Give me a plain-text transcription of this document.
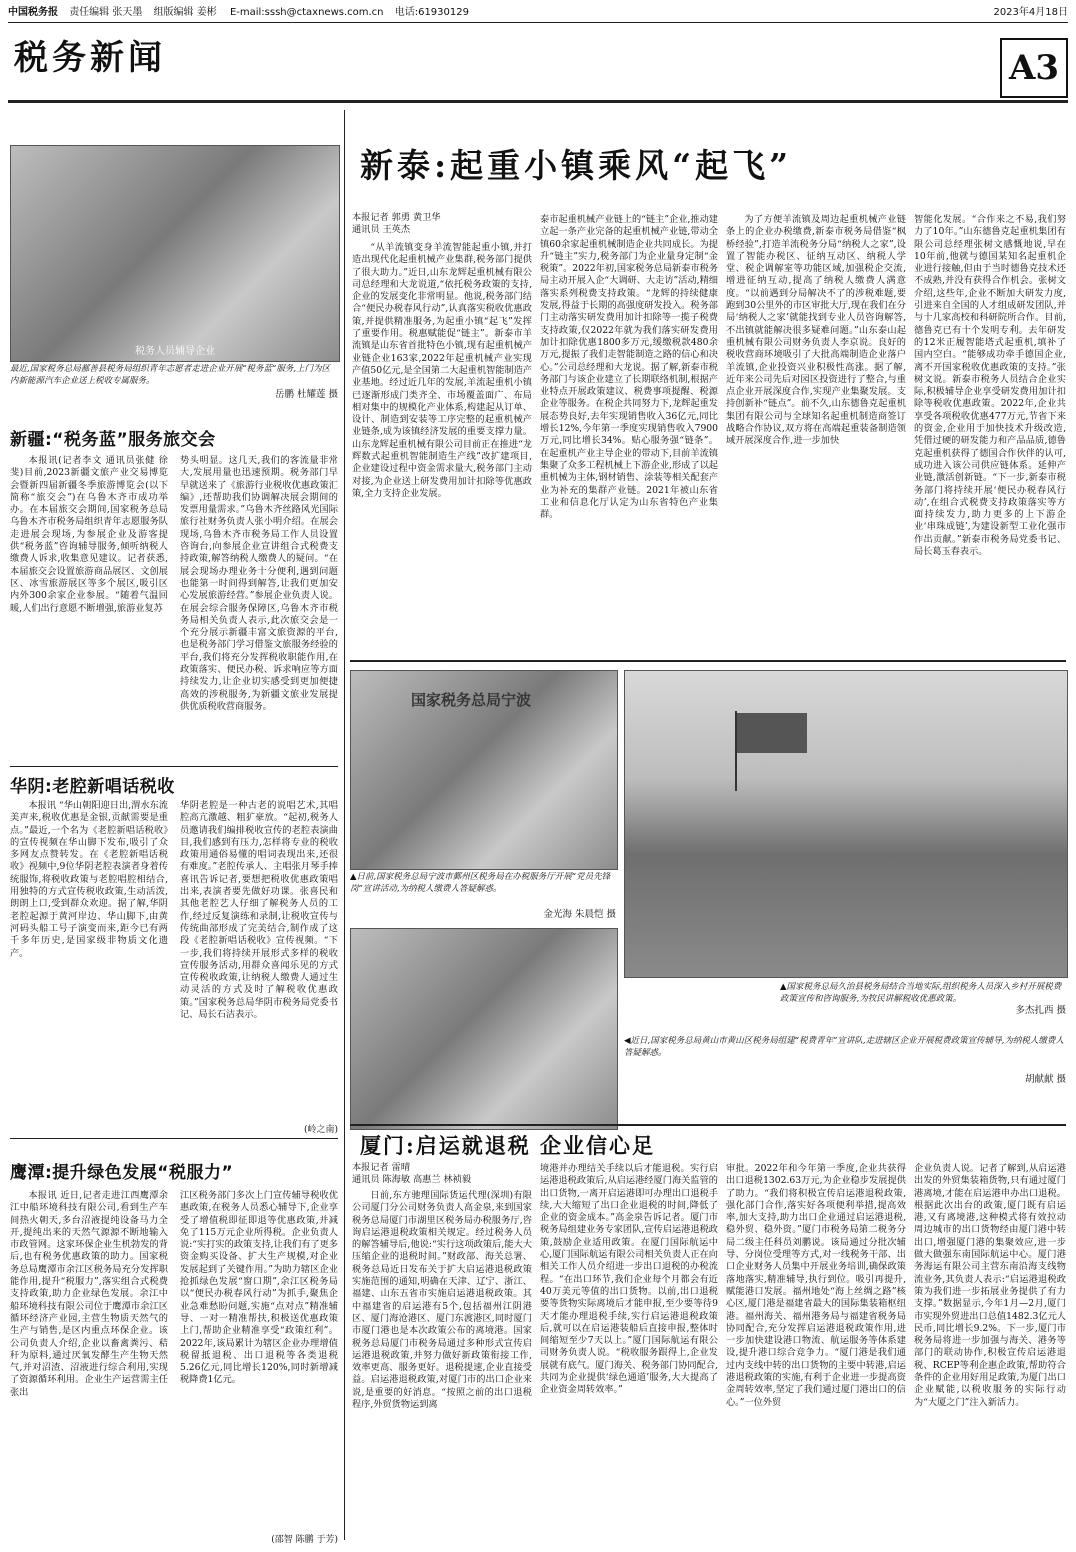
中国税务报 责任编辑 张天墨 组版编辑 姜彬 E-mail:sssh@ctaxnews.com.cn 电话:61930129	2023年4月18日
税务新闻	A3
税务人员辅导企业
最近,国家税务总局鄯善县税务局组织青年志愿者走进企业开展“税务蓝”服务,上门为区内新能源汽车企业送上税收专属服务。
岳鹏 杜耀莲 摄
新疆:“税务蓝”服务旅交会
本报讯(记者李文 通讯员张健 徐斐)目前,2023新疆文旅产业交易博览会暨新四届新疆冬季旅游博览会(以下简称“旅交会”)在乌鲁木齐市成功举办。在本届旅交会期间,国家税务总局乌鲁木齐市税务局组织青年志愿服务队走进展会现场,为参展企业及游客提供“税务蓝”咨询辅导服务,倾听纳税人缴费人诉求,收集意见建议。记者获悉,本届旅交会设置旅游商品展区、文创展区、冰雪旅游展区等多个展区,吸引区内外300余家企业参展。“随着气温回暖,人们出行意愿不断增强,旅游业复苏
势头明显。这几天,我们的客流量非常大,发展用量也迅速预期。税务部门早早就送来了《旅游行业税收优惠政策汇编》,还帮助我们协调解决展会期间的发票用量需求。”乌鲁木齐丝路风光国际旅行社财务负责人张小明介绍。在展会现场,乌鲁木齐市税务局工作人员设置咨询台,向参展企业宣讲组合式税费支持政策,解答纳税人缴费人的疑问。“在展会现场办理业务十分便利,遇到问题也能第一时间得到解答,让我们更加安心发展旅游经营。”参展企业负责人说。在展会综合服务保障区,乌鲁木齐市税务局相关负责人表示,此次旅交会是一个充分展示新疆丰富文旅资源的平台,也是税务部门学习借鉴文旅服务经验的平台,我们将充分发挥税收职能作用,在政策落实、便民办税、诉求响应等方面持续发力,让企业切实感受到更加便捷高效的涉税服务,为新疆文旅业发展提供优质税收营商服务。
华阴:老腔新唱话税收
本报讯 “华山朝阳迎日出,渭水东流美声来,税收优惠是金银,贡献需要是重点。”最近,一个名为《老腔新唱话税收》的宣传视频在华山脚下发布,吸引了众多网友点赞转发。在《老腔新唱话税收》视频中,9位华阴老腔表演者身着传统服饰,将税收政策与老腔唱腔相结合,用独特的方式宣传税收政策,生动活泼,朗朗上口,受到群众欢迎。据了解,华阴老腔起源于黄河岸边、华山脚下,由黄河码头船工号子演变而来,距今已有两千多年历史,是国家级非物质文化遗产。
华阴老腔是一种古老的说唱艺术,其唱腔高亢激越、粗犷豪放。“起初,税务人员邀请我们编排税收宣传的老腔表演曲目,我们感到有压力,怎样将专业的税收政策用通俗易懂的唱词表现出来,还很有难度。”老腔传承人、主唱张月琴手捧喜讯告诉记者,要想把税收优惠政策唱出来,表演者要先做好功课。张喜民和其他老腔艺人仔细了解税务人员的工作,经过反复演练和录制,让税收宣传与传统曲部形成了完美结合,制作成了这段《老腔新唱话税收》宣传视频。“下一步,我们将持续开展形式多样的税收宣传服务活动,用群众喜闻乐见的方式宣传税收政策,让纳税人缴费人通过生动灵活的方式及时了解税收优惠政策。”国家税务总局华阴市税务局党委书记、局长石洁表示。
(岭之南)
鹰潭:提升绿色发展“税服力”
本报讯 近日,记者走进江西鹰潭余江中船环境科技有限公司,看到生产车间热火朝天,多台沼液提纯设备马力全开,提纯出来的天然气源源不断地输入市政管网。这家环保企业生机勃发的背后,也有税务优惠政策的助力。国家税务总局鹰潭市余江区税务局充分发挥职能作用,提升“税服力”,落实组合式税费支持政策,助力企业绿色发展。余江中船环境科技有限公司位于鹰潭市余江区循环经济产业园,主营生物质天然气的生产与销售,是区内重点环保企业。该公司负责人介绍,企业以畜禽粪污、秸秆为原料,通过厌氧发酵生产生物天然气,并对沼渣、沼液进行综合利用,实现了资源循环利用。企业生产运营需主任张出
江区税务部门多次上门宣传辅导税收优惠政策,在税务人员悉心辅导下,企业享受了增值税即征即退等优惠政策,并减免了115万元企业所得税。企业负责人说:“实打实的政策支持,让我们有了更多资金购买设备、扩大生产规模,对企业发展起到了关键作用。”为助力辖区企业抢抓绿色发展“窗口期”,余江区税务局以“便民办税春风行动”为抓手,聚焦企业急难愁盼问题,实施“点对点”精准辅导、一对一精准帮扶,积极送优惠政策上门,帮助企业精准享受“政策红利”。2022年,该局累计为辖区企业办理增值税留抵退税、出口退税等各类退税5.26亿元,同比增长120%,同时新增减税降费1亿元。
(邵智 陈鹏 于芳)
新泰:起重小镇乘风“起飞”
本报记者 郭勇 黄卫华
通讯员 王英杰
“从羊流镇变身羊流智能起重小镇,并打造出现代化起重机械产业集群,税务部门提供了很大助力。”近日,山东龙辉起重机械有限公司总经理和大龙说道,“依托税务政策的支持,企业的发展变化非常明显。他说,税务部门结合“便民办税春风行动”,认真落实税收优惠政策,并提供精准服务,为起重小镇“起飞”发挥了重要作用。税惠赋能促“链主”。新泰市羊流镇是山东省首批特色小镇,现有起重机械产业链企业163家,2022年起重机械产业实现产值50亿元,是全国第二大起重机智能制造产业基地。经过近几年的发展,羊流起重机小镇已逐渐形成门类齐全、市场覆盖面广、布局相对集中的规模化产业体系,构建起从订单、设计、制造到安装等工序完整的起重机械产业链条,成为该镇经济发展的重要支撑力量。山东龙辉起重机械有限公司目前正在推进“龙辉数式起重机智能制造生产线”改扩建项目,企业建设过程中资金需求量大,税务部门主动对接,为企业送上研发费用加计扣除等优惠政策,全力支持企业发展。
泰市起重机械产业链上的“链主”企业,推动建立起一条产业完备的起重机械产业链,带动全镇60余家起重机械制造企业共同成长。为提升“链主”实力,税务部门为企业量身定制“金税策”。2022年初,国家税务总局新泰市税务局主动开展入企“大调研、大走访”活动,精细落实系列税费支持政策。“龙辉的持续健康发展,得益于长期的高强度研发投入。税务部门主动落实研发费用加计扣除等一揽子税费支持政策,仅2022年就为我们落实研发费用加计扣除优惠1800多万元,缓缴税款480余万元,提振了我们走智能制造之路的信心和决心。”公司总经理和大龙说。据了解,新泰市税务部门与该企业建立了长期联络机制,根据产业特点开展政策建议、税费事项提醒、税源企业等服务。在税企共同努力下,龙辉起重发展态势良好,去年实现销售收入36亿元,同比增长12%,今年第一季度实现销售收入7900万元,同比增长34%。贴心服务强“链条”。在起重机产业主导企业的带动下,目前羊流镇集聚了众多工程机械上下游企业,形成了以起重机械为主体,钢材销售、涂装等相关配套产业为补充的集群产业链。2021年被山东省工业和信息化厅认定为山东省特色产业集群。
为了方便羊流镇及周边起重机械产业链条上的企业办税缴费,新泰市税务局借鉴“枫桥经验”,打造羊流税务分局“纳税人之家”,设置了智能办税区、征纳互动区、纳税人学堂、税企调解室等功能区域,加强税企交流,增进征纳互动,提高了纳税人缴费人满意度。“以前遇到分局解决不了的涉税难题,要跑到30公里外的市区审批大厅,现在我们在分局‘纳税人之家’就能找到专业人员咨询解答,不出镇就能解决很多疑难问题。”山东泰山起重机械有限公司财务负责人李京说。良好的税收营商环境吸引了大批高端制造企业落户羊流镇,企业投资兴业积极性高涨。据了解,近年来公司先后对园区投资进行了整合,与重点企业开展深度合作,实现产业集聚发展。支持创新补“链点”。前不久,山东德鲁克起重机集团有限公司与全球知名起重机制造商签订战略合作协议,双方将在高端起重装备制造领域开展深度合作,进一步加快
智能化发展。“合作来之不易,我们努力了10年。”山东德鲁克起重机集团有限公司总经理张树文感慨地说,早在10年前,他就与德国某知名起重机企业进行接触,但由于当时德鲁克技术还不成熟,并没有获得合作机会。张树文介绍,这些年,企业不断加大研发力度,引进来自全国的人才组成研发团队,并与十几家高校和科研院所合作。目前,德鲁克已有十个发明专利。去年研发的12米正履智能塔式起重机,填补了国内空白。“能够成功牵手德国企业,离不开国家税收优惠政策的支持。”张树文说。新泰市税务人员结合企业实际,积极辅导企业享受研发费用加计扣除等税收优惠政策。2022年,企业共享受各项税收优惠477万元,节省下来的资金,企业用于加快技术升级改造,凭借过硬的研发能力和产品品质,德鲁克起重机获得了德国合作伙伴的认可,成功进入该公司供应链体系。延伸产业链,激活创新链。“下一步,新泰市税务部门将持续开展‘便民办税春风行动’,在组合式税费支持政策落实等方面持续发力,助力更多的上下游企业‘串珠成链’,为建设新型工业化强市作出贡献。”新泰市税务局党委书记、局长葛玉春表示。
国家税务总局宁波
▲日前,国家税务总局宁波市鄞州区税务局在办税服务厅开展“党员先锋岗”宣讲活动,为纳税人缴费人答疑解惑。
金光海 朱晨恺 摄
▲国家税务总局久治县税务局结合当地实际,组织税务人员深入乡村开展税费政策宣传和咨询服务,为牧民讲解税收优惠政策。
多杰扎西 摄
◀近日,国家税务总局黄山市黄山区税务局组建“税费青年”宣讲队,走进辖区企业开展税费政策宣传辅导,为纳税人缴费人答疑解惑。
胡献献 摄
厦门:启运就退税 企业信心足
本报记者 雷晴
通讯员 陈海敏 高惠兰 林祯毅
日前,东方驰理国际货运代理(深圳)有限公司厦门分公司财务负责人高金泉,来到国家税务总局厦门市湖里区税务局办税服务厅,咨询启运港退税政策相关规定。经过税务人员的解答辅导后,他说:“实行这项政策后,能大大压缩企业的退税时间。”财政部、海关总署、税务总局近日发布关于扩大启运港退税政策实施范围的通知,明确在天津、辽宁、浙江、福建、山东五省市实施启运港退税政策。其中福建省的启运港有5个,包括福州江阴港区、厦门海沧港区、厦门东渡港区,同时厦门市厦门港也是本次政策公布的离境港。国家税务总局厦门市税务局通过多种形式宣传启运港退税政策,并努力做好新政策衔接工作,效率更高、服务更好。退税提速,企业直接受益。启运港退税政策,对厦门市的出口企业来说,是重要的好消息。“按照之前的出口退税程序,外贸货物运到离
境港并办理结关手续以后才能退税。实行启运港退税政策后,从启运港经厦门海关监管的出口货物,一离开启运港即可办理出口退税手续,大大缩短了出口企业退税的时间,降低了企业的资金成本。”高金泉告诉记者。厦门市税务局组建业务专家团队,宣传启运港退税政策,鼓励企业适用政策。在厦门国际航运中心,厦门国际航运有限公司相关负责人正在向相关工作人员介绍进一步出口退税的办税流程。“在出口环节,我们企业每个月都会有近40万美元等值的出口货物。以前,出口退税要等货物实际离境后才能申报,至少要等待9天才能办理退税手续,实行启运港退税政策后,就可以在启运港装船后直接申报,整体时间缩短至少7天以上。”厦门国际航运有限公司财务负责人说。“税收服务跟得上,企业发展就有底气。厦门海关、税务部门协同配合,共同为企业提供‘绿色通道’服务,大大提高了企业资金周转效率。”
审批。2022年和今年第一季度,企业共获得出口退税1302.63万元,为企业稳步发展提供了助力。“我们将积极宣传启运港退税政策,强化部门合作,落实好各项便利举措,提高效率,加大支持,助力出口企业通过启运港退税,稳外贸、稳外资。”厦门市税务局第二税务分局二级主任科员刘鹏说。该局通过分批次辅导、分岗位受理等方式,对一线税务干部、出口企业财务人员集中开展业务培训,确保政策落地落实,精准辅导,执行到位。吸引再提升,赋能港口发展。福州地处“海上丝绸之路”核心区,厦门港是福建省最大的国际集装箱枢纽港。福州海关、福州港务局与福建省税务局协同配合,充分发挥启运港退税政策作用,进一步加快建设港口物流、航运服务等体系建设,提升港口综合竞争力。“厦门港是我们通过内支线中转的出口货物的主要中转港,启运港退税政策的实施,有利于企业进一步提高资金周转效率,坚定了我们通过厦门港出口的信心。”一位外贸
企业负责人说。记者了解到,从启运港出发的外贸集装箱货物,只有通过厦门港离境,才能在启运港申办出口退税。根据此次出台的政策,厦门既有启运港,又有离境港,这种模式将有效拉动周边城市的出口货物经由厦门港中转出口,增强厦门港的集聚效应,进一步做大做强东南国际航运中心。厦门港务海运有限公司主营东南沿海支线物流业务,其负责人表示:“启运港退税政策为我们进一步拓展业务提供了有力支撑。”数据显示,今年1月—2月,厦门市实现外贸进出口总值1482.3亿元人民币,同比增长9.2%。下一步,厦门市税务局将进一步加强与海关、港务等部门的联动协作,积极宣传启运港退税、RCEP等利企惠企政策,帮助符合条件的企业用好用足政策,为厦门出口企业赋能,以税收服务的实际行动为“大厦之门”注入新活力。
